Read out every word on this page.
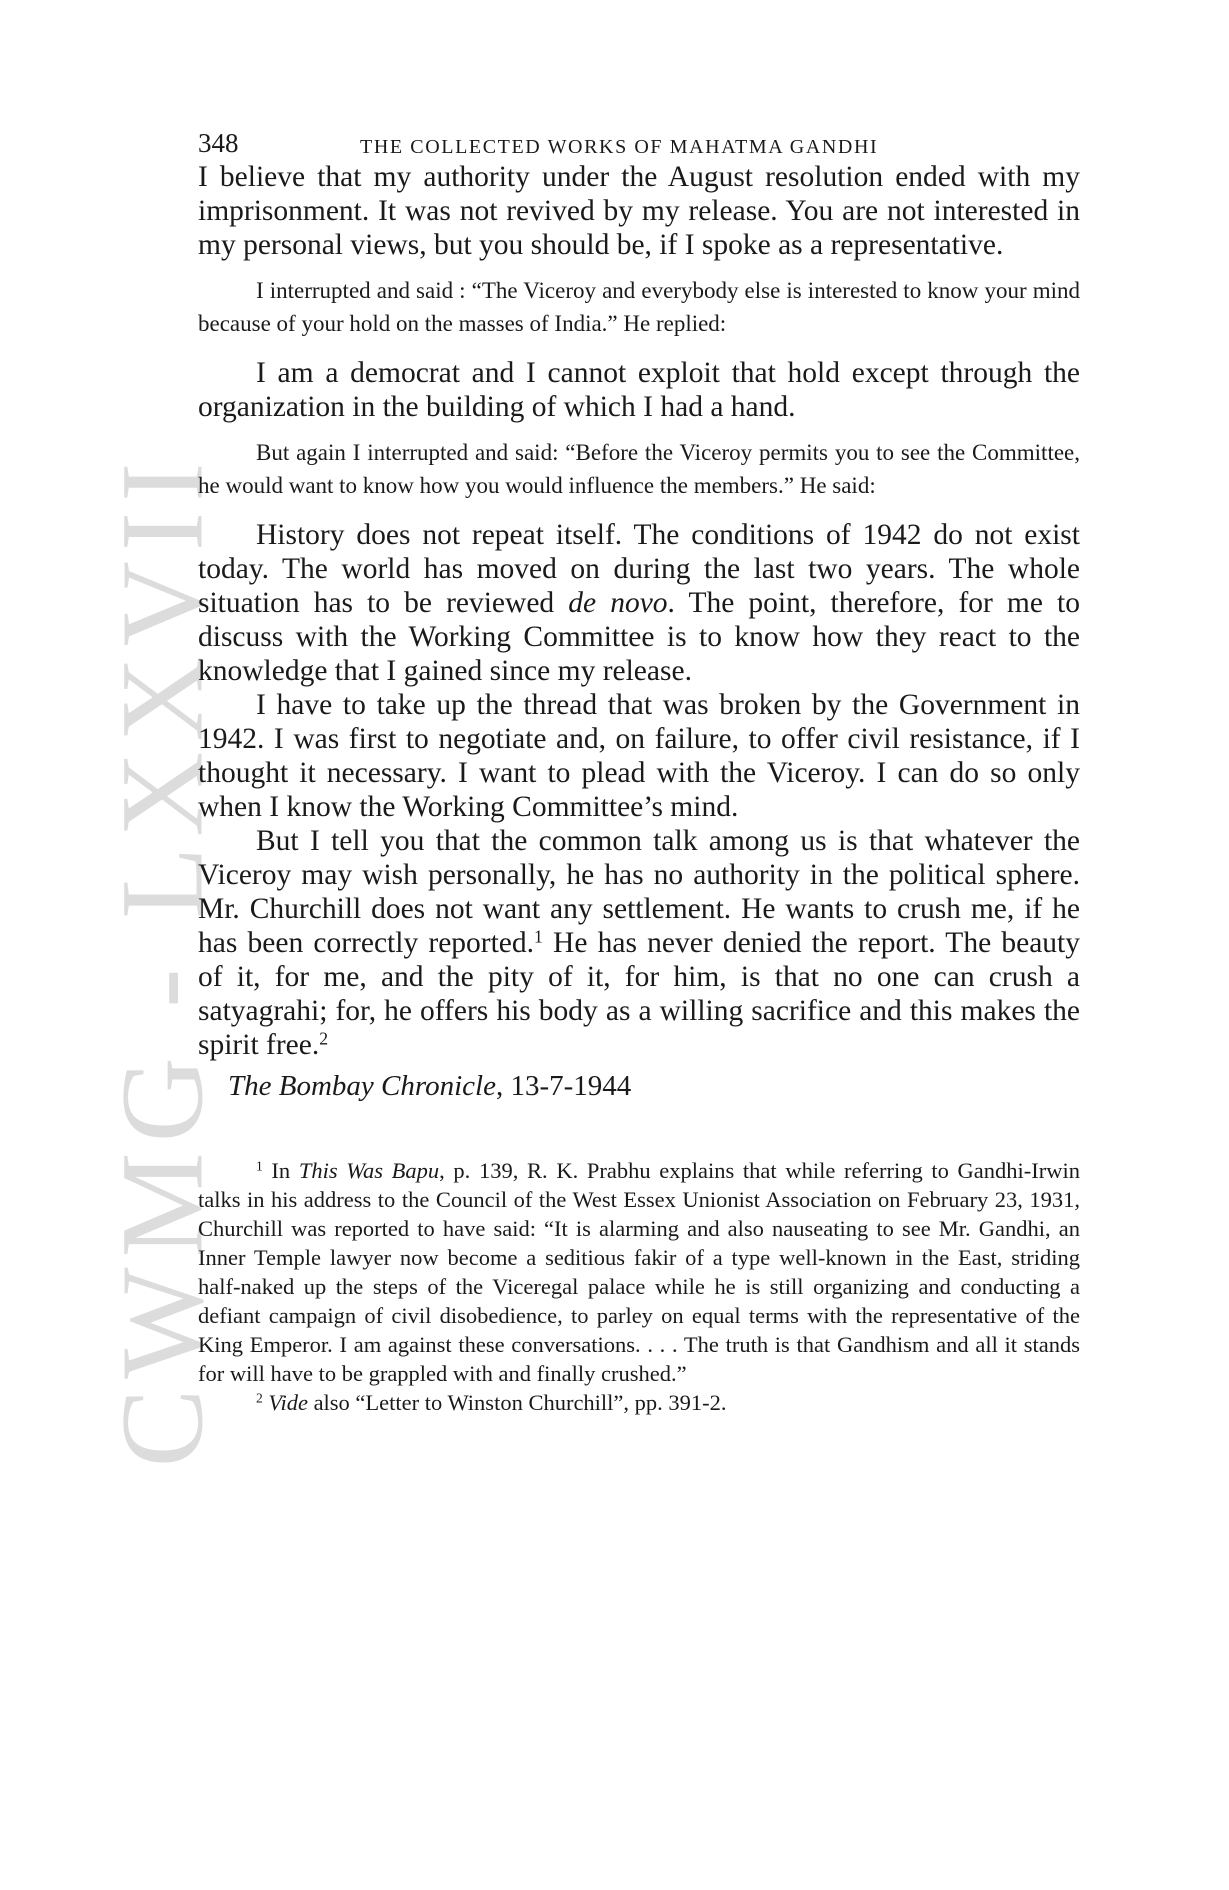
CWMG - LXXVII
348	THE COLLECTED WORKS OF MAHATMA GANDHI

I believe that my authority under the August resolution ended with my imprisonment. It was not revived by my release. You are not interested in my personal views, but you should be, if I spoke as a representative.

I interrupted and said : “The Viceroy and everybody else is interested to know your mind because of your hold on the masses of India.” He replied:

I am a democrat and I cannot exploit that hold except through the organization in the building of which I had a hand.

But again I interrupted and said: “Before the Viceroy permits you to see the Committee, he would want to know how you would influence the members.” He said:

History does not repeat itself. The conditions of 1942 do not exist today. The world has moved on during the last two years. The whole situation has to be reviewed de novo. The point, therefore, for me to discuss with the Working Committee is to know how they react to the knowledge that I gained since my release.

I have to take up the thread that was broken by the Government in 1942. I was first to negotiate and, on failure, to offer civil resistance, if I thought it necessary. I want to plead with the Viceroy. I can do so only when I know the Working Committee’s mind.

But I tell you that the common talk among us is that whatever the Viceroy may wish personally, he has no authority in the political sphere. Mr. Churchill does not want any settlement. He wants to crush me, if he has been correctly reported.$^1$ He has never denied the report. The beauty of it, for me, and the pity of it, for him, is that no one can crush a satyagrahi; for, he offers his body as a willing sacrifice and this makes the spirit free.$^2$

The Bombay Chronicle, 13-7-1944

$^1$ In This Was Bapu, p. 139, R. K. Prabhu explains that while referring to Gandhi-Irwin talks in his address to the Council of the West Essex Unionist Association on February 23, 1931, Churchill was reported to have said: “It is alarming and also nauseating to see Mr. Gandhi, an Inner Temple lawyer now become a seditious fakir of a type well-known in the East, striding half-naked up the steps of the Viceregal palace while he is still organizing and conducting a defiant campaign of civil disobedience, to parley on equal terms with the representative of the King Emperor. I am against these conversations. . . . The truth is that Gandhism and all it stands for will have to be grappled with and finally crushed.”

$^2$ Vide also “Letter to Winston Churchill”, pp. 391-2.
